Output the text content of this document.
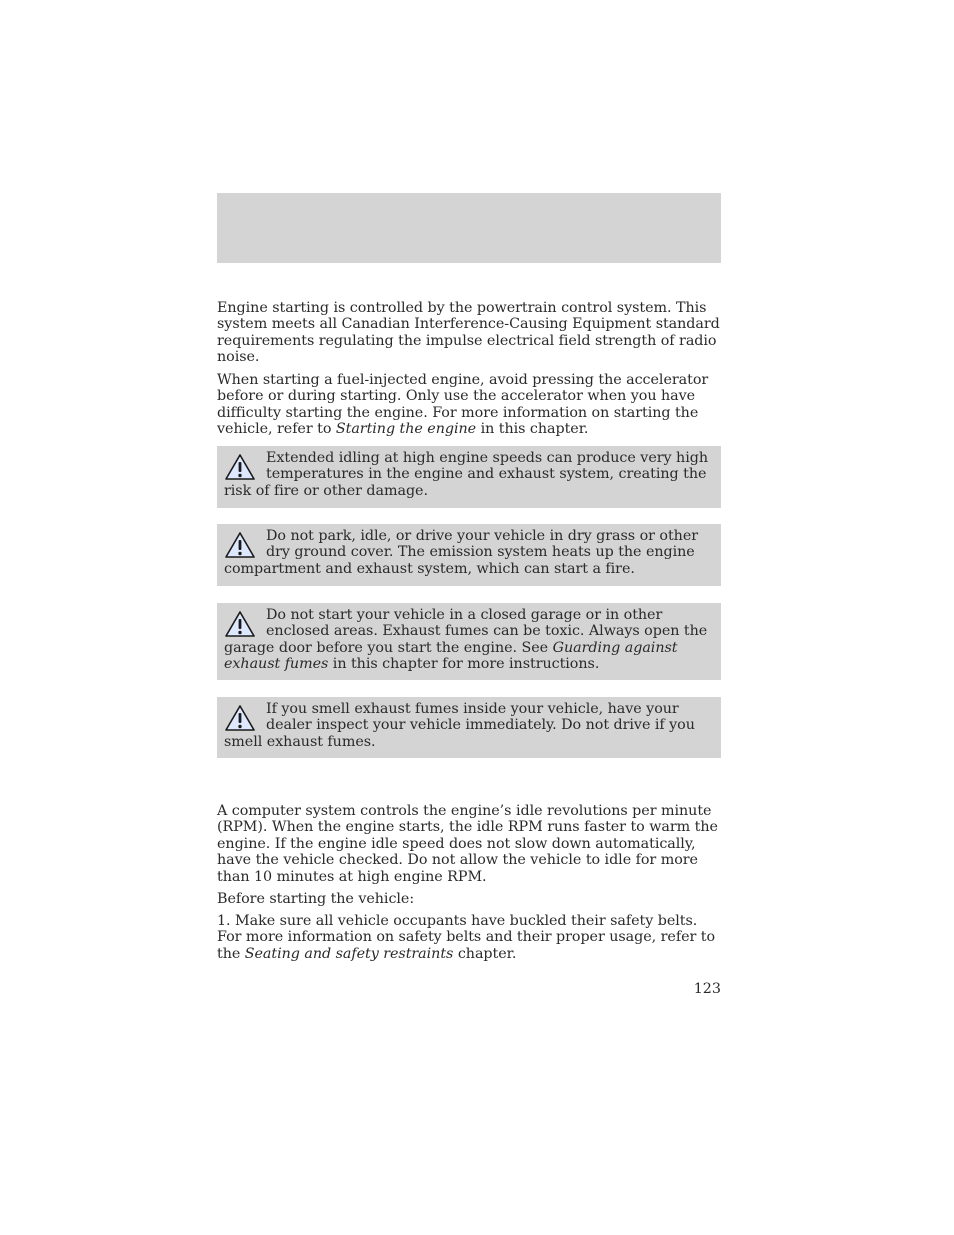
Engine starting is controlled by the powertrain control system. This system meets all Canadian Interference-Causing Equipment standard requirements regulating the impulse electrical field strength of radio noise.

When starting a fuel-injected engine, avoid pressing the accelerator before or during starting. Only use the accelerator when you have difficulty starting the engine. For more information on starting the vehicle, refer to Starting the engine in this chapter.

Extended idling at high engine speeds can produce very high temperatures in the engine and exhaust system, creating the risk of fire or other damage.

Do not park, idle, or drive your vehicle in dry grass or other dry ground cover. The emission system heats up the engine compartment and exhaust system, which can start a fire.

Do not start your vehicle in a closed garage or in other enclosed areas. Exhaust fumes can be toxic. Always open the garage door before you start the engine. See Guarding against exhaust fumes in this chapter for more instructions.

If you smell exhaust fumes inside your vehicle, have your dealer inspect your vehicle immediately. Do not drive if you smell exhaust fumes.

A computer system controls the engine’s idle revolutions per minute (RPM). When the engine starts, the idle RPM runs faster to warm the engine. If the engine idle speed does not slow down automatically, have the vehicle checked. Do not allow the vehicle to idle for more than 10 minutes at high engine RPM.

Before starting the vehicle:

1. Make sure all vehicle occupants have buckled their safety belts. For more information on safety belts and their proper usage, refer to the Seating and safety restraints chapter.

123
